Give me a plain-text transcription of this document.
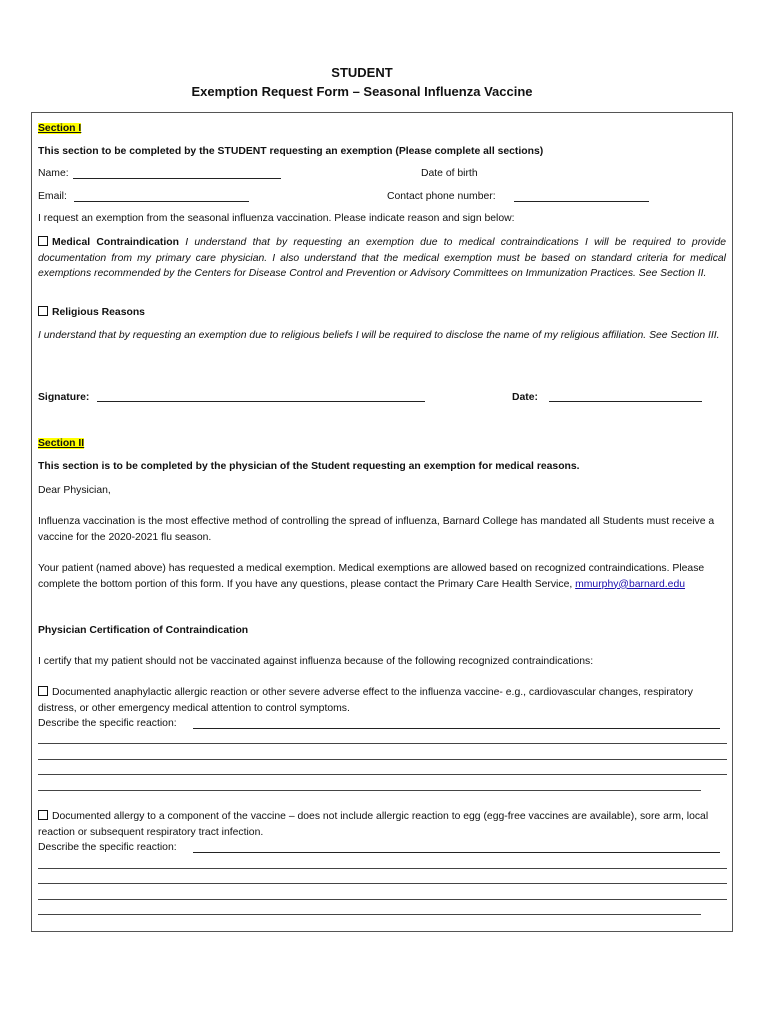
STUDENT
Exemption Request Form – Seasonal Influenza Vaccine
Section I
This section to be completed by the STUDENT requesting an exemption (Please complete all sections)
Name:	Date of birth
Email:	Contact phone number:
I request an exemption from the seasonal influenza vaccination. Please indicate reason and sign below:
Medical Contraindication I understand that by requesting an exemption due to medical contraindications I will be required to provide documentation from my primary care physician. I also understand that the medical exemption must be based on standard criteria for medical exemptions recommended by the Centers for Disease Control and Prevention or Advisory Committees on Immunization Practices. See Section II.
Religious Reasons
I understand that by requesting an exemption due to religious beliefs I will be required to disclose the name of my religious affiliation. See Section III.
Signature:	Date:
Section II
This section is to be completed by the physician of the Student requesting an exemption for medical reasons.
Dear Physician,
Influenza vaccination is the most effective method of controlling the spread of influenza, Barnard College has mandated all Students must receive a vaccine for the 2020-2021 flu season.
Your patient (named above) has requested a medical exemption. Medical exemptions are allowed based on recognized contraindications. Please complete the bottom portion of this form. If you have any questions, please contact the Primary Care Health Service, mmurphy@barnard.edu
Physician Certification of Contraindication
I certify that my patient should not be vaccinated against influenza because of the following recognized contraindications:
Documented anaphylactic allergic reaction or other severe adverse effect to the influenza vaccine- e.g., cardiovascular changes, respiratory distress, or other emergency medical attention to control symptoms.
Describe the specific reaction:
Documented allergy to a component of the vaccine – does not include allergic reaction to egg (egg-free vaccines are available), sore arm, local reaction or subsequent respiratory tract infection.
Describe the specific reaction:
